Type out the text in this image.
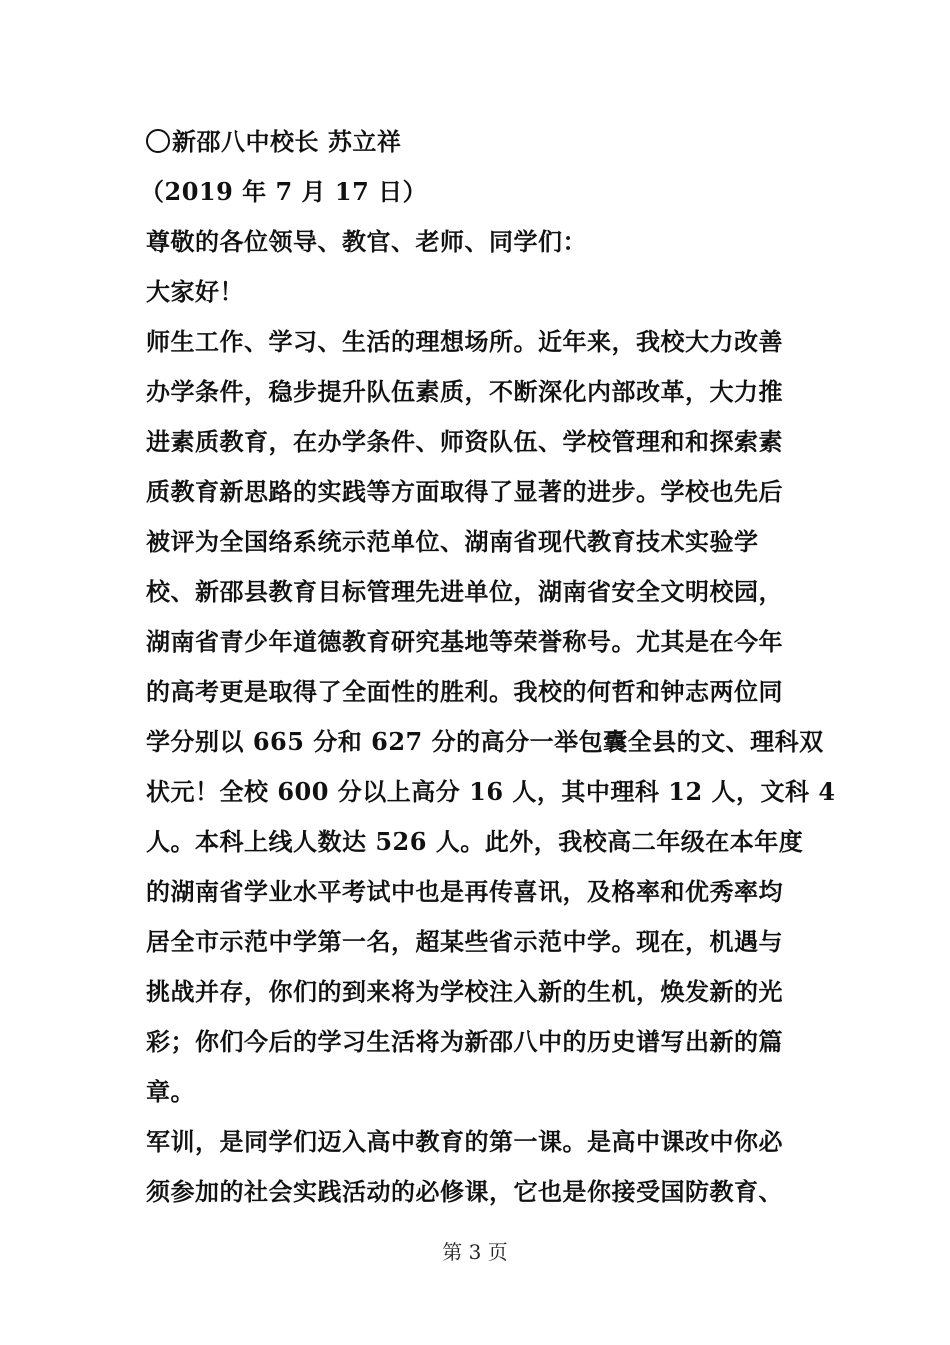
新邵八中校长 苏立祥
（2019 年 7 月 17 日）
尊敬的各位领导、教官、老师、同学们：
大家好！
师生工作、学习、生活的理想场所。近年来，我校大力改善
办学条件，稳步提升队伍素质，不断深化内部改革，大力推
进素质教育，在办学条件、师资队伍、学校管理和和探索素
质教育新思路的实践等方面取得了显著的进步。学校也先后
被评为全国络系统示范单位、湖南省现代教育技术实验学
校、新邵县教育目标管理先进单位，湖南省安全文明校园，
湖南省青少年道德教育研究基地等荣誉称号。尤其是在今年
的高考更是取得了全面性的胜利。我校的何哲和钟志两位同
学分别以 665 分和 627 分的高分一举包囊全县的文、理科双
状元！全校 600 分以上高分 16 人，其中理科 12 人，文科 4
人。本科上线人数达 526 人。此外，我校高二年级在本年度
的湖南省学业水平考试中也是再传喜讯，及格率和优秀率均
居全市示范中学第一名，超某些省示范中学。现在，机遇与
挑战并存，你们的到来将为学校注入新的生机，焕发新的光
彩；你们今后的学习生活将为新邵八中的历史谱写出新的篇
章。
军训，是同学们迈入高中教育的第一课。是高中课改中你必
须参加的社会实践活动的必修课，它也是你接受国防教育、
第 3 页
